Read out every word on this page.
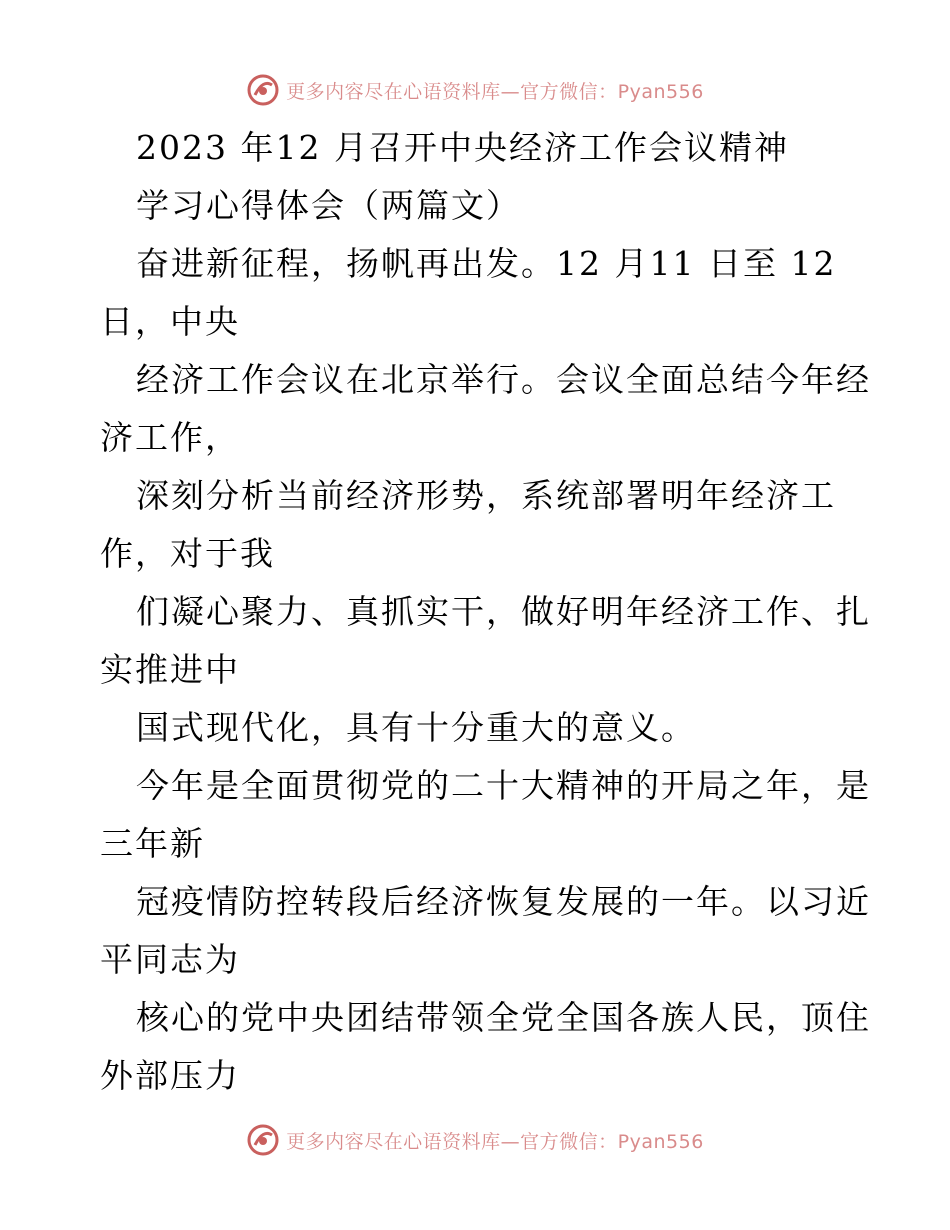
更多内容尽在心语资料库—官方微信：Pyan556
2023 年12 月召开中央经济工作会议精神
学习心得体会（两篇文）
奋进新征程，扬帆再出发。12 月11 日至 12
日，中央
经济工作会议在北京举行。会议全面总结今年经
济工作，
深刻分析当前经济形势，系统部署明年经济工
作，对于我
们凝心聚力、真抓实干，做好明年经济工作、扎
实推进中
国式现代化，具有十分重大的意义。
今年是全面贯彻党的二十大精神的开局之年，是
三年新
冠疫情防控转段后经济恢复发展的一年。以习近
平同志为
核心的党中央团结带领全党全国各族人民，顶住
外部压力
更多内容尽在心语资料库—官方微信：Pyan556
